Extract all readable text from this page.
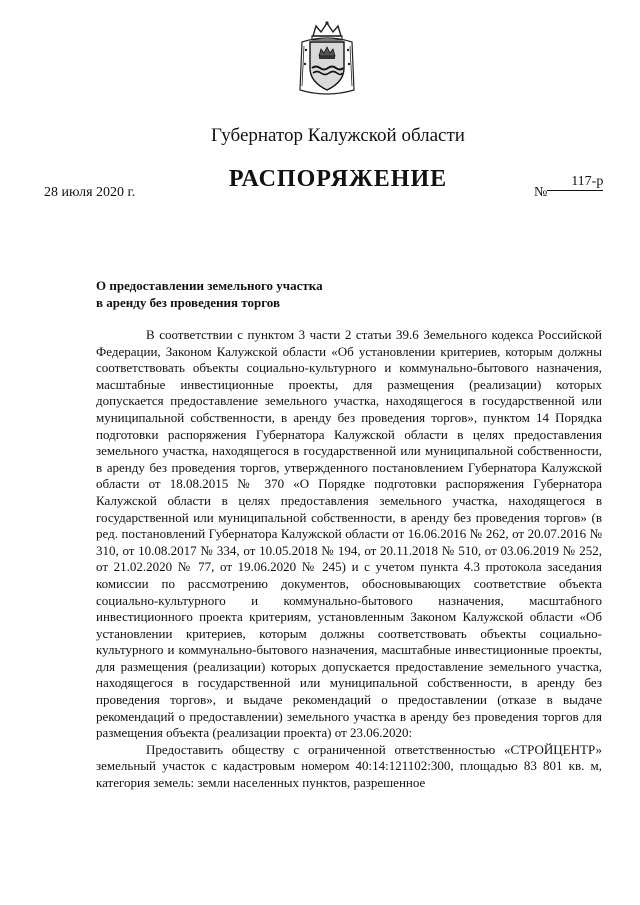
Губернатор Калужской области
РАСПОРЯЖЕНИЕ
28 июля 2020 г.	№117-р
О предоставлении земельного участка
в аренду без проведения торгов

В соответствии с пунктом 3 части 2 статьи 39.6 Земельного кодекса Российской Федерации, Законом Калужской области «Об установлении критериев, которым должны соответствовать объекты социально-культурного и коммунально-бытового назначения, масштабные инвестиционные проекты, для размещения (реализации) которых допускается предоставление земельного участка, находящегося в государственной или муниципальной собственности, в аренду без проведения торгов», пунктом 14 Порядка подготовки распоряжения Губернатора Калужской области в целях предоставления земельного участка, находящегося в государственной или муниципальной собственности, в аренду без проведения торгов, утвержденного постановлением Губернатора Калужской области от 18.08.2015 № 370 «О Порядке подготовки распоряжения Губернатора Калужской области в целях предоставления земельного участка, находящегося в государственной или муниципальной собственности, в аренду без проведения торгов» (в ред. постановлений Губернатора Калужской области от 16.06.2016 № 262, от 20.07.2016 № 310, от 10.08.2017 № 334, от 10.05.2018 № 194, от 20.11.2018 № 510, от 03.06.2019 № 252, от 21.02.2020 № 77, от 19.06.2020 № 245) и с учетом пункта 4.3 протокола заседания комиссии по рассмотрению документов, обосновывающих соответствие объекта социально-культурного и коммунально-бытового назначения, масштабного инвестиционного проекта критериям, установленным Законом Калужской области «Об установлении критериев, которым должны соответствовать объекты социально-культурного и коммунально-бытового назначения, масштабные инвестиционные проекты, для размещения (реализации) которых допускается предоставление земельного участка, находящегося в государственной или муниципальной собственности, в аренду без проведения торгов», и выдаче рекомендаций о предоставлении (отказе в выдаче рекомендаций о предоставлении) земельного участка в аренду без проведения торгов для размещения объекта (реализации проекта) от 23.06.2020:

Предоставить обществу с ограниченной ответственностью «СТРОЙЦЕНТР» земельный участок с кадастровым номером 40:14:121102:300, площадью 83 801 кв. м, категория земель: земли населенных пунктов, разрешенное
